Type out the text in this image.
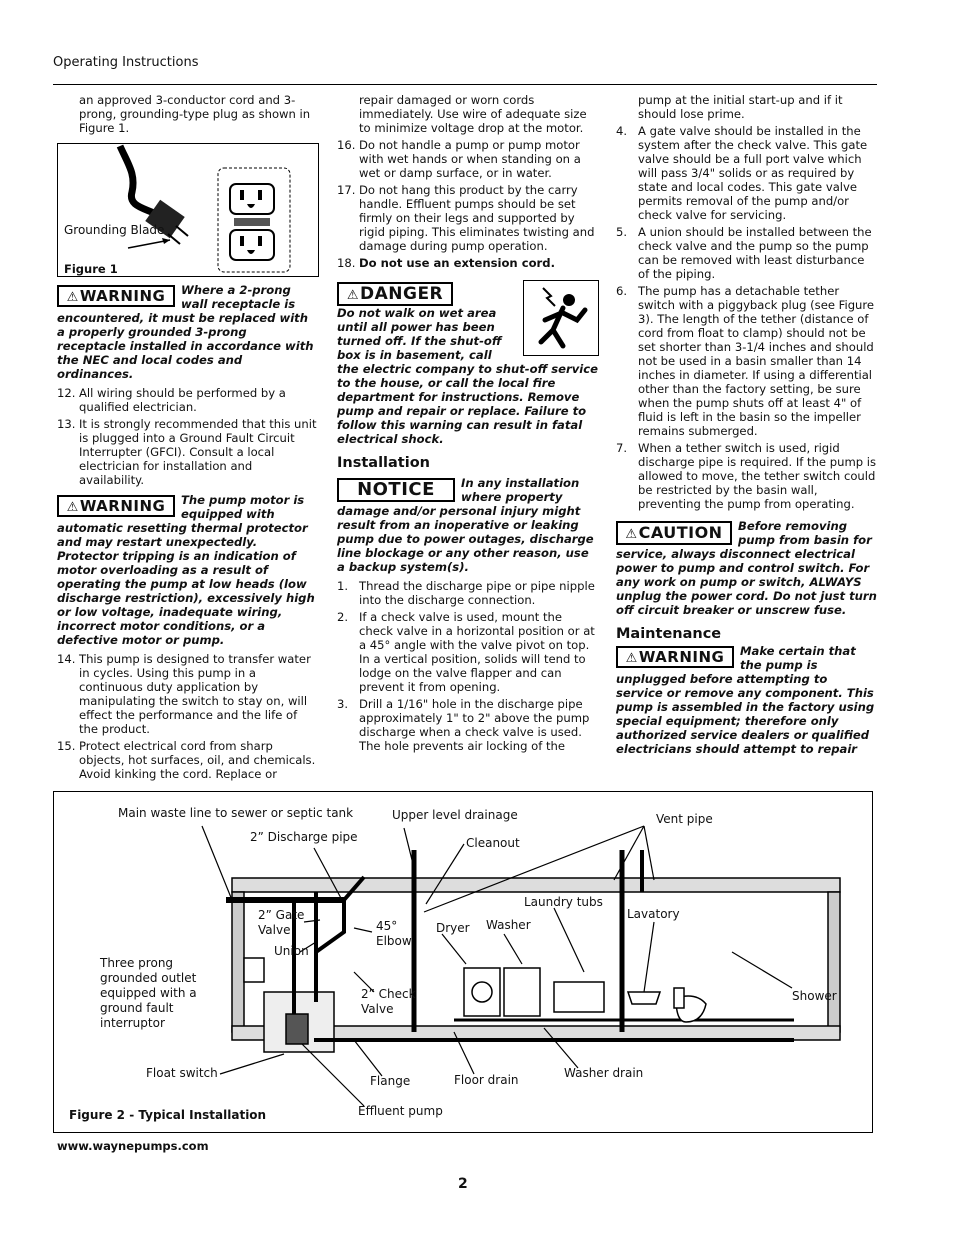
Operating Instructions

an approved 3-conductor cord and 3-prong, grounding-type plug as shown in Figure 1.

Grounding Blade
Figure 1
⚠WARNING	Where a 2-prong wall receptacle is encountered, it must be replaced with a properly grounded 3-prong receptacle installed in accordance with the NEC and local codes and ordinances.
12. All wiring should be performed by a qualified electrician.
13. It is strongly recommended that this unit is plugged into a Ground Fault Circuit Interrupter (GFCI). Consult a local electrician for installation and availability.
⚠WARNING	The pump motor is equipped with automatic resetting thermal protector and may restart unexpectedly. Protector tripping is an indication of motor overloading as a result of operating the pump at low heads (low discharge restriction), excessively high or low voltage, inadequate wiring, incorrect motor conditions, or a defective motor or pump.
14. This pump is designed to transfer water in cycles. Using this pump in a continuous duty application by manipulating the switch to stay on, will effect the performance and the life of the product.
15. Protect electrical cord from sharp objects, hot surfaces, oil, and chemicals. Avoid kinking the cord. Replace or

repair damaged or worn cords immediately. Use wire of adequate size to minimize voltage drop at the motor.

16. Do not handle a pump or pump motor with wet hands or when standing on a wet or damp surface, or in water.
17. Do not hang this product by the carry handle. Effluent pumps should be set firmly on their legs and supported by rigid piping. This eliminates twisting and damage during pump operation.
18. Do not use an extension cord.
⚠DANGER
Do not walk on wet area until all power has been turned off. If the shut-off box is in basement, call the electric company to shut-off service to the house, or call the local fire department for instructions. Remove pump and repair or replace. Failure to follow this warning can result in fatal electrical shock.
Installation
NOTICE	In any installation where property damage and/or personal injury might result from an inoperative or leaking pump due to power outages, discharge line blockage or any other reason, use a backup system(s).
1. Thread the discharge pipe or pipe nipple into the discharge connection.
2. If a check valve is used, mount the check valve in a horizontal position or at a 45° angle with the valve pivot on top. In a vertical position, solids will tend to lodge on the valve flapper and can prevent it from opening.
3. Drill a 1/16" hole in the discharge pipe approximately 1" to 2" above the pump discharge when a check valve is used. The hole prevents air locking of the

pump at the initial start-up and if it should lose prime.

4. A gate valve should be installed in the system after the check valve. This gate valve should be a full port valve which will pass 3/4" solids or as required by state and local codes. This gate valve permits removal of the pump and/or check valve for servicing.
5. A union should be installed between the check valve and the pump so the pump can be removed with least disturbance of the piping.
6. The pump has a detachable tether switch with a piggyback plug (see Figure 3). The length of the tether (distance of cord from float to clamp) should not be set shorter than 3-1/4 inches and should not be used in a basin smaller than 14 inches in diameter. If using a differential other than the factory setting, be sure when the pump shuts off at least 4" of fluid is left in the basin so the impeller remains submerged.
7. When a tether switch is used, rigid discharge pipe is required. If the pump is allowed to move, the tether switch could be restricted by the basin wall, preventing the pump from operating.
⚠CAUTION	Before removing pump from basin for service, always disconnect electrical power to pump and control switch. For any work on pump or switch, ALWAYS unplug the power cord. Do not just turn off circuit breaker or unscrew fuse.
Maintenance
⚠WARNING	Make certain that the pump is unplugged before attempting to service or remove any component. This pump is assembled in the factory using special equipment; therefore only authorized service dealers or qualified electricians should attempt to repair
Main waste line to sewer or septic tank
2” Discharge pipe
Upper level drainage
Cleanout
Vent pipe
2” Gate
Valve
Union
45°
Elbow
Dryer Washer
Laundry tubs
Lavatory
Three prong
grounded outlet
equipped with a
ground fault
interruptor
2” Check
Valve
Shower
Float switch
Flange	Floor drain	Washer drain
Effluent pump
Figure 2 - Typical Installation
www.waynepumps.com
2
